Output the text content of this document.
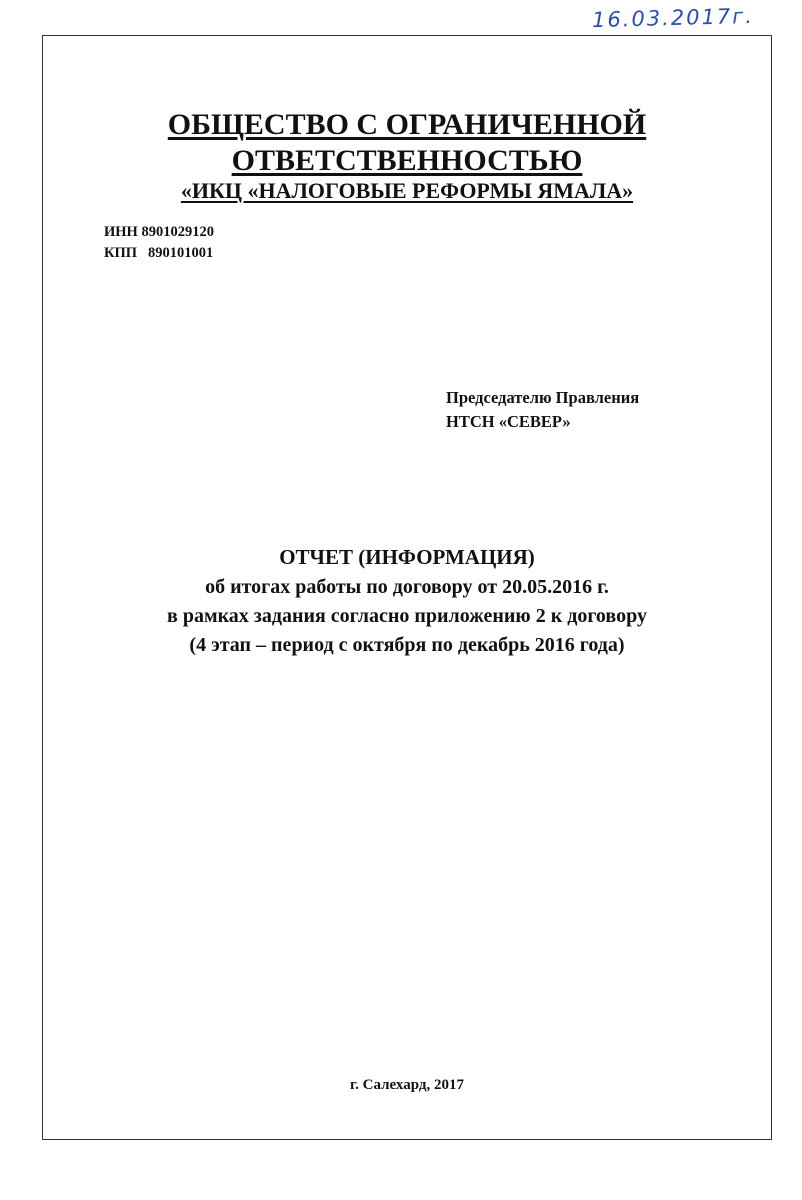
16.03.2017г.
ОБЩЕСТВО С ОГРАНИЧЕННОЙ
ОТВЕТСТВЕННОСТЬЮ
«ИКЦ «НАЛОГОВЫЕ РЕФОРМЫ ЯМАЛА»
ИНН 8901029120
КПП   890101001
Председателю Правления
НТСН «СЕВЕР»
ОТЧЕТ (ИНФОРМАЦИЯ)
об итогах работы по договору от 20.05.2016 г.
в рамках задания согласно приложению 2 к договору
(4 этап – период с октября по декабрь 2016 года)
г. Салехард, 2017
